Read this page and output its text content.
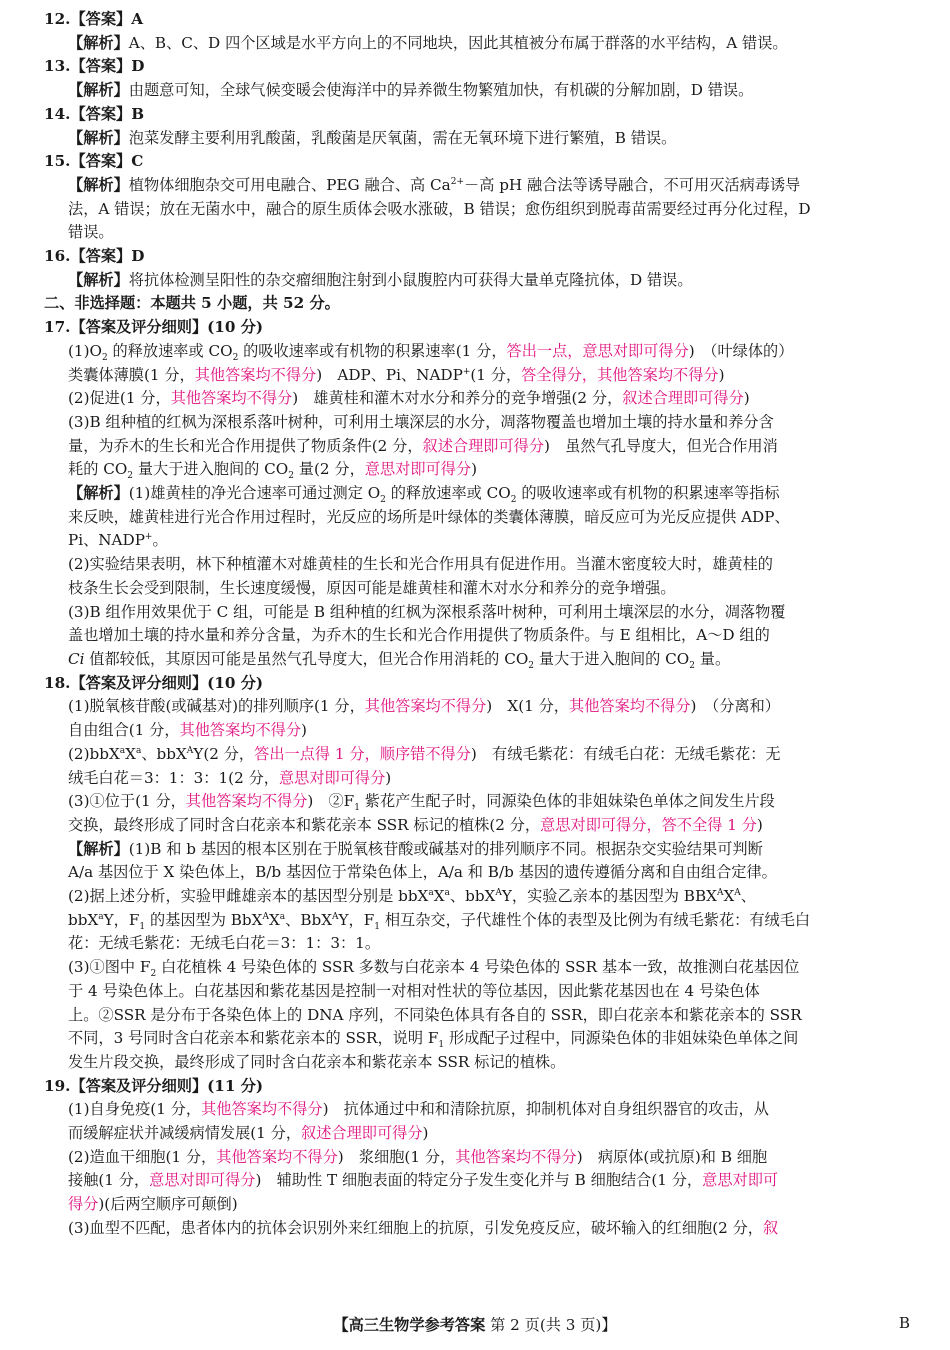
12.【答案】A
【解析】A、B、C、D 四个区域是水平方向上的不同地块，因此其植被分布属于群落的水平结构，A 错误。
13.【答案】D
【解析】由题意可知，全球气候变暖会使海洋中的异养微生物繁殖加快，有机碳的分解加剧，D 错误。
14.【答案】B
【解析】泡菜发酵主要利用乳酸菌，乳酸菌是厌氧菌，需在无氧环境下进行繁殖，B 错误。
15.【答案】C
【解析】植物体细胞杂交可用电融合、PEG 融合、高 $Ca^{2+}-$高 pH 融合法等诱导融合，不可用灭活病毒诱导
法，A 错误；放在无菌水中，融合的原生质体会吸水涨破，B 错误；愈伤组织到脱毒苗需要经过再分化过程，D
错误。
16.【答案】D
【解析】将抗体检测呈阳性的杂交瘤细胞注射到小鼠腹腔内可获得大量单克隆抗体，D 错误。
二、非选择题：本题共 5 小题，共 52 分。
17.【答案及评分细则】(10 分)
$(1)O_2$ 的释放速率或 $CO_2$ 的吸收速率或有机物的积累速率(1 分，答出一点，意思对即可得分)　（叶绿体的）
类囊体薄膜(1 分，其他答案均不得分)　ADP、Pi、NADP+(1 分，答全得分，其他答案均不得分)
(2)促进(1 分，其他答案均不得分)　雄黄桂和灌木对水分和养分的竞争增强(2 分，叙述合理即可得分)
(3)B 组种植的红枫为深根系落叶树种，可利用土壤深层的水分，凋落物覆盖也增加土壤的持水量和养分含
量，为乔木的生长和光合作用提供了物质条件(2 分，叙述合理即可得分)　虽然气孔导度大，但光合作用消
耗的 $CO_2$ 量大于进入胞间的 $CO_2$ 量(2 分，意思对即可得分)
【解析】(1)雄黄桂的净光合速率可通过测定 $O_2$ 的释放速率或 $CO_2$ 的吸收速率或有机物的积累速率等指标
来反映，雄黄桂进行光合作用过程时，光反应的场所是叶绿体的类囊体薄膜，暗反应可为光反应提供 ADP、
Pi、NADP+。
(2)实验结果表明，林下种植灌木对雄黄桂的生长和光合作用具有促进作用。当灌木密度较大时，雄黄桂的
枝条生长会受到限制，生长速度缓慢，原因可能是雄黄桂和灌木对水分和养分的竞争增强。
(3)B 组作用效果优于 C 组，可能是 B 组种植的红枫为深根系落叶树种，可利用土壤深层的水分，凋落物覆
盖也增加土壤的持水量和养分含量，为乔木的生长和光合作用提供了物质条件。与 E 组相比，A～D 组的
Ci 值都较低，其原因可能是虽然气孔导度大，但光合作用消耗的 $CO_2$ 量大于进入胞间的 $CO_2$ 量。
18.【答案及评分细则】(10 分)
(1)脱氧核苷酸(或碱基对)的排列顺序(1 分，其他答案均不得分)　X(1 分，其他答案均不得分)　（分离和）
自由组合(1 分，其他答案均不得分)
$(2)bbX^aX^a$、bbX$^A$Y(2 分，答出一点得 1 分，顺序错不得分)　有绒毛紫花：有绒毛白花：无绒毛紫花：无
绒毛白花＝3：1：3：1(2 分，意思对即可得分)
(3)①位于(1 分，其他答案均不得分)　$②F_1$ 紫花产生配子时，同源染色体的非姐妹染色单体之间发生片段
交换，最终形成了同时含白花亲本和紫花亲本 SSR 标记的植株(2 分，意思对即可得分，答不全得 1 分)
【解析】(1)B 和 b 基因的根本区别在于脱氧核苷酸或碱基对的排列顺序不同。根据杂交实验结果可判断
A/a 基因位于 X 染色体上，B/b 基因位于常染色体上，A/a 和 B/b 基因的遗传遵循分离和自由组合定律。
(2)据上述分析，实验甲雌雄亲本的基因型分别是 $bbX^aX^a$、bbX$^A$Y，实验乙亲本的基因型为 $BBX^AX^A$、
bbX$^a$Y，$F_1$ 的基因型为 $BbX^AX^a$、BbX$^A$Y，$F_1$ 相互杂交，子代雄性个体的表型及比例为有绒毛紫花：有绒毛白
花：无绒毛紫花：无绒毛白花＝3：1：3：1。
(3)①图中 $F_2$ 白花植株 4 号染色体的 SSR 多数与白花亲本 4 号染色体的 SSR 基本一致，故推测白花基因位
于 4 号染色体上。白花基因和紫花基因是控制一对相对性状的等位基因，因此紫花基因也在 4 号染色体
上。②SSR 是分布于各染色体上的 DNA 序列，不同染色体具有各自的 SSR，即白花亲本和紫花亲本的 SSR
不同，3 号同时含白花亲本和紫花亲本的 SSR，说明 $F_1$ 形成配子过程中，同源染色体的非姐妹染色单体之间
发生片段交换，最终形成了同时含白花亲本和紫花亲本 SSR 标记的植株。
19.【答案及评分细则】(11 分)
(1)自身免疫(1 分，其他答案均不得分)　抗体通过中和和清除抗原，抑制机体对自身组织器官的攻击，从
而缓解症状并减缓病情发展(1 分，叙述合理即可得分)
(2)造血干细胞(1 分，其他答案均不得分)　浆细胞(1 分，其他答案均不得分)　病原体(或抗原)和 B 细胞
接触(1 分，意思对即可得分)　辅助性 T 细胞表面的特定分子发生变化并与 B 细胞结合(1 分，意思对即可
得分)(后两空顺序可颠倒)
(3)血型不匹配，患者体内的抗体会识别外来红细胞上的抗原，引发免疫反应，破坏输入的红细胞(2 分，叙
【高三生物学参考答案 第 2 页(共 3 页)】	B
